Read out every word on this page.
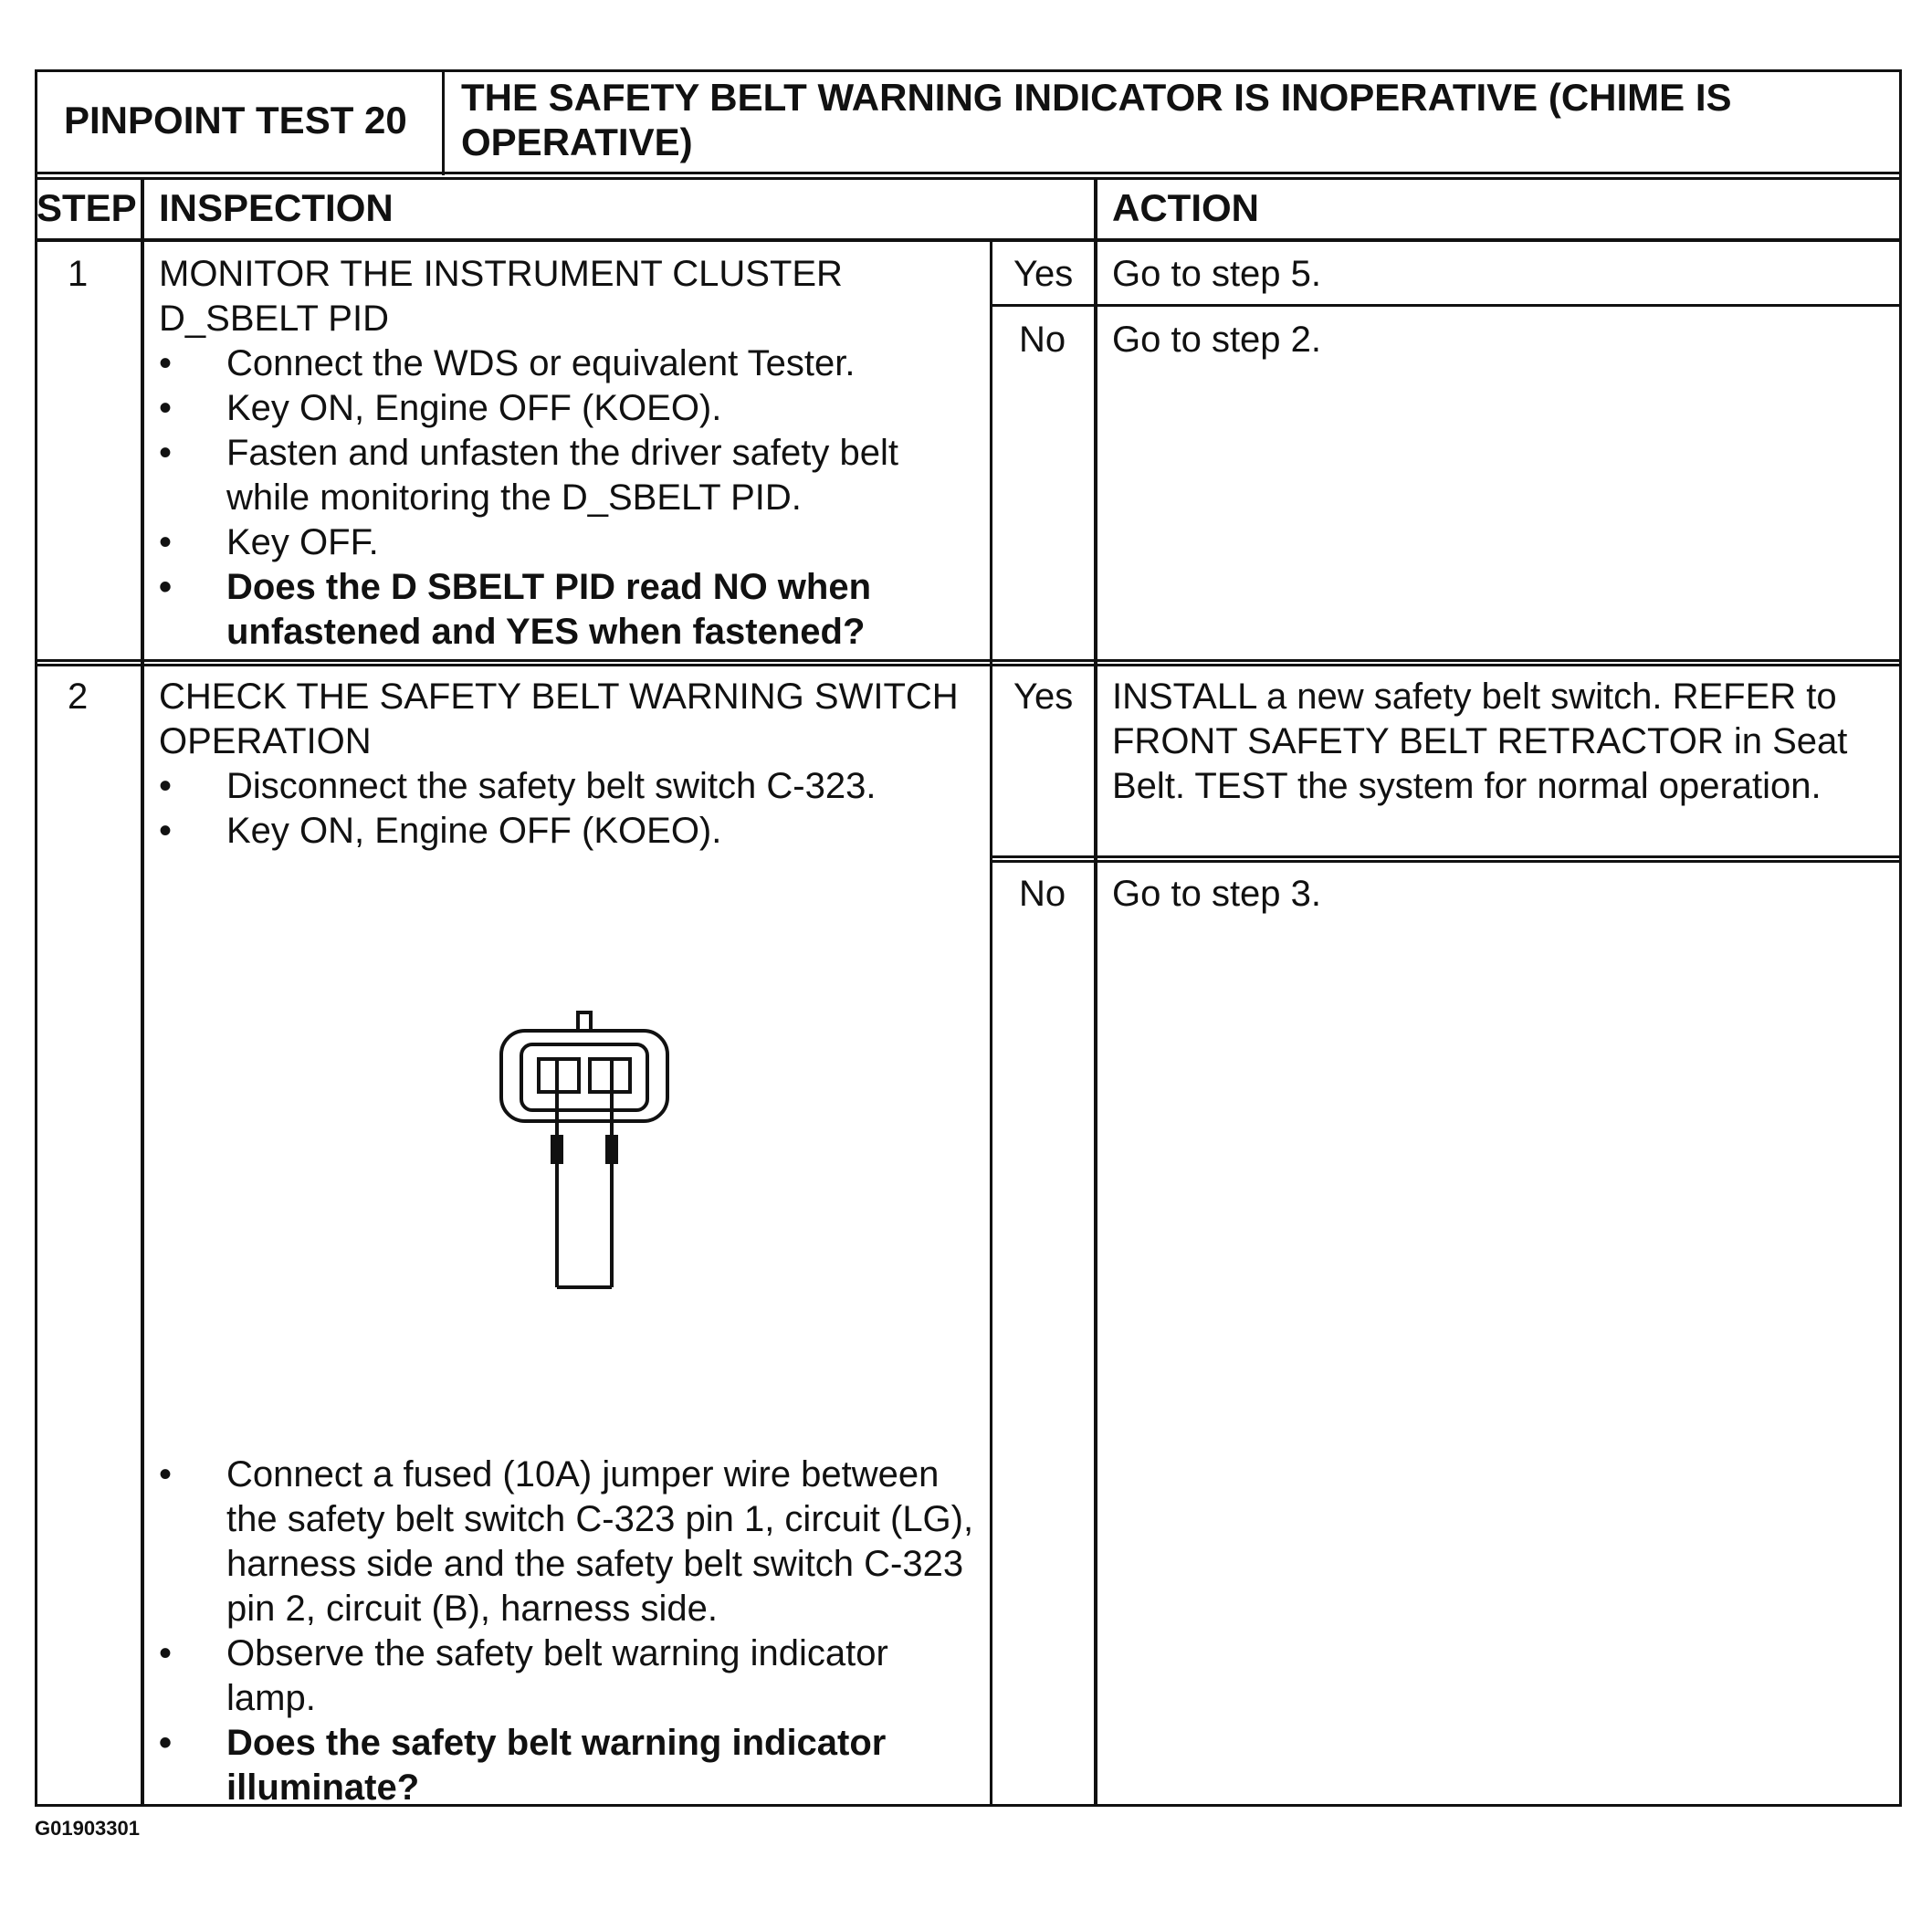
PINPOINT TEST 20
THE SAFETY BELT WARNING INDICATOR IS INOPERATIVE (CHIME IS
OPERATIVE)
STEP INSPECTION	ACTION
1 MONITOR THE INSTRUMENT CLUSTER
D_SBELT PID
• Connect the WDS or equivalent Tester.
• Key ON, Engine OFF (KOEO).
• Fasten and unfasten the driver safety belt
while monitoring the D_SBELT PID.
• Key OFF.
• Does the D SBELT PID read NO when
unfastened and YES when fastened?
Yes Go to step 5.
No Go to step 2.
2 CHECK THE SAFETY BELT WARNING SWITCH
OPERATION
• Disconnect the safety belt switch C-323.
• Key ON, Engine OFF (KOEO).
• Connect a fused (10A) jumper wire between
the safety belt switch C-323 pin 1, circuit (LG),
harness side and the safety belt switch C-323
pin 2, circuit (B), harness side.
• Observe the safety belt warning indicator
lamp.
• Does the safety belt warning indicator
illuminate?
Yes INSTALL a new safety belt switch. REFER to
FRONT SAFETY BELT RETRACTOR in Seat
Belt. TEST the system for normal operation.
No Go to step 3.
G01903301
